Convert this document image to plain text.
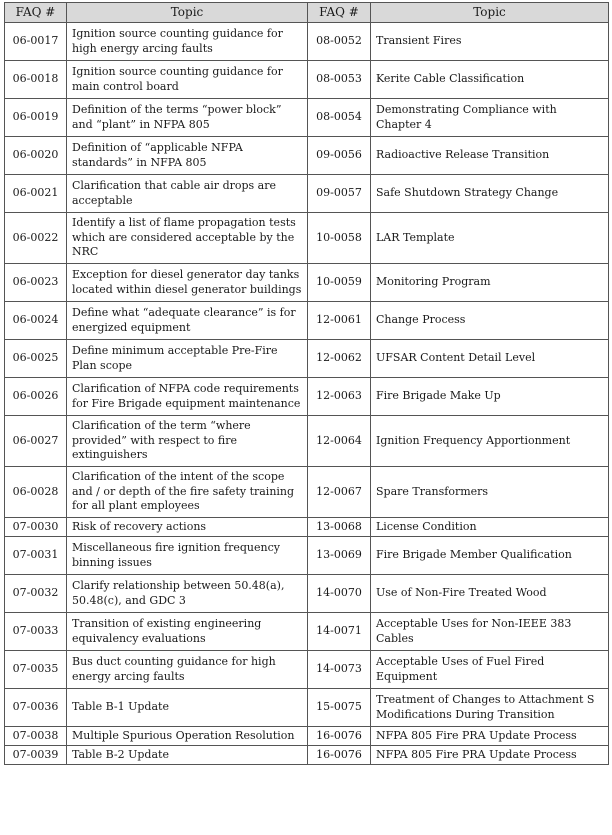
FAQ #	Topic	FAQ #	Topic
06-0017	Ignition source counting guidance for high energy arcing faults	08-0052	Transient Fires
06-0018	Ignition source counting guidance for main control board	08-0053	Kerite Cable Classification
06-0019	Definition of the terms “power block” and “plant” in NFPA 805	08-0054	Demonstrating Compliance with Chapter 4
06-0020	Definition of “applicable NFPA standards” in NFPA 805	09-0056	Radioactive Release Transition
06-0021	Clarification that cable air drops are acceptable	09-0057	Safe Shutdown Strategy Change
06-0022	Identify a list of flame propagation tests which are considered acceptable by the NRC	10-0058	LAR Template
06-0023	Exception for diesel generator day tanks located within diesel generator buildings	10-0059	Monitoring Program
06-0024	Define what “adequate clearance” is for energized equipment	12-0061	Change Process
06-0025	Define minimum acceptable Pre-Fire Plan scope	12-0062	UFSAR Content Detail Level
06-0026	Clarification of NFPA code requirements for Fire Brigade equipment maintenance	12-0063	Fire Brigade Make Up
06-0027	Clarification of the term “where provided” with respect to fire extinguishers	12-0064	Ignition Frequency Apportionment
06-0028	Clarification of the intent of the scope and / or depth of the fire safety training for all plant employees	12-0067	Spare Transformers
07-0030	Risk of recovery actions	13-0068	License Condition
07-0031	Miscellaneous fire ignition frequency binning issues	13-0069	Fire Brigade Member Qualification
07-0032	Clarify relationship between 50.48(a), 50.48(c), and GDC 3	14-0070	Use of Non-Fire Treated Wood
07-0033	Transition of existing engineering equivalency evaluations	14-0071	Acceptable Uses for Non-IEEE 383 Cables
07-0035	Bus duct counting guidance for high energy arcing faults	14-0073	Acceptable Uses of Fuel Fired Equipment
07-0036	Table B-1 Update	15-0075	Treatment of Changes to Attachment S Modifications During Transition
07-0038	Multiple Spurious Operation Resolution	16-0076	NFPA 805 Fire PRA Update Process
07-0039	Table B-2 Update	16-0076	NFPA 805 Fire PRA Update Process
